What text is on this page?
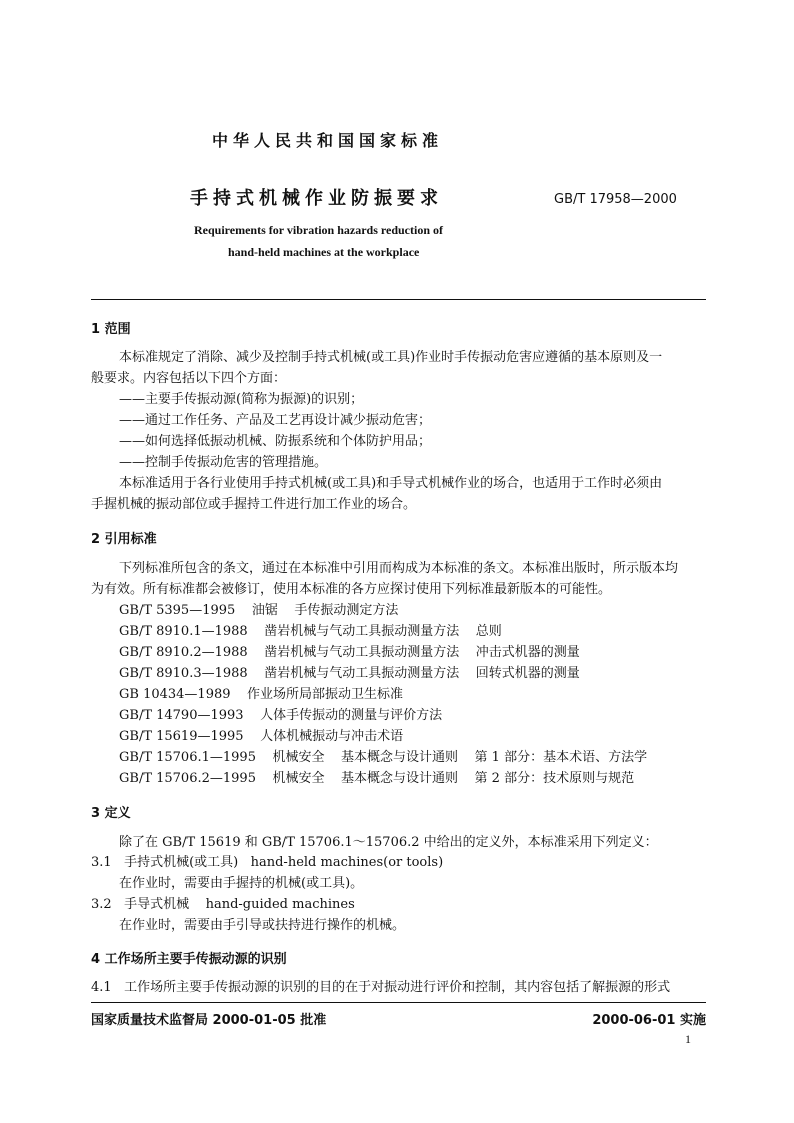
中华人民共和国国家标准
手持式机械作业防振要求	GB/T 17958—2000
Requirements for vibration hazards reduction of
hand-held machines at the workplace
1 范围
本标准规定了消除、减少及控制手持式机械(或工具)作业时手传振动危害应遵循的基本原则及一
般要求。内容包括以下四个方面：
——主要手传振动源(简称为振源)的识别；
——通过工作任务、产品及工艺再设计减少振动危害；
——如何选择低振动机械、防振系统和个体防护用品；
——控制手传振动危害的管理措施。
本标准适用于各行业使用手持式机械(或工具)和手导式机械作业的场合，也适用于工作时必须由
手握机械的振动部位或手握持工件进行加工作业的场合。
2 引用标准
下列标准所包含的条文，通过在本标准中引用而构成为本标准的条文。本标准出版时，所示版本均
为有效。所有标准都会被修订，使用本标准的各方应探讨使用下列标准最新版本的可能性。
GB/T 5395—1995    油锯    手传振动测定方法
GB/T 8910.1—1988    凿岩机械与气动工具振动测量方法    总则
GB/T 8910.2—1988    凿岩机械与气动工具振动测量方法    冲击式机器的测量
GB/T 8910.3—1988    凿岩机械与气动工具振动测量方法    回转式机器的测量
GB 10434—1989    作业场所局部振动卫生标准
GB/T 14790—1993    人体手传振动的测量与评价方法
GB/T 15619—1995    人体机械振动与冲击术语
GB/T 15706.1—1995    机械安全    基本概念与设计通则    第 1 部分：基本术语、方法学
GB/T 15706.2—1995    机械安全    基本概念与设计通则    第 2 部分：技术原则与规范
3 定义
除了在 GB/T 15619 和 GB/T 15706.1～15706.2 中给出的定义外，本标准采用下列定义：
3.1   手持式机械(或工具)   hand-held machines(or tools)
在作业时，需要由手握持的机械(或工具)。
3.2   手导式机械    hand-guided machines
在作业时，需要由手引导或扶持进行操作的机械。
4 工作场所主要手传振动源的识别
4.1   工作场所主要手传振动源的识别的目的在于对振动进行评价和控制，其内容包括了解振源的形式
国家质量技术监督局 2000-01-05 批准	2000-06-01 实施
1
